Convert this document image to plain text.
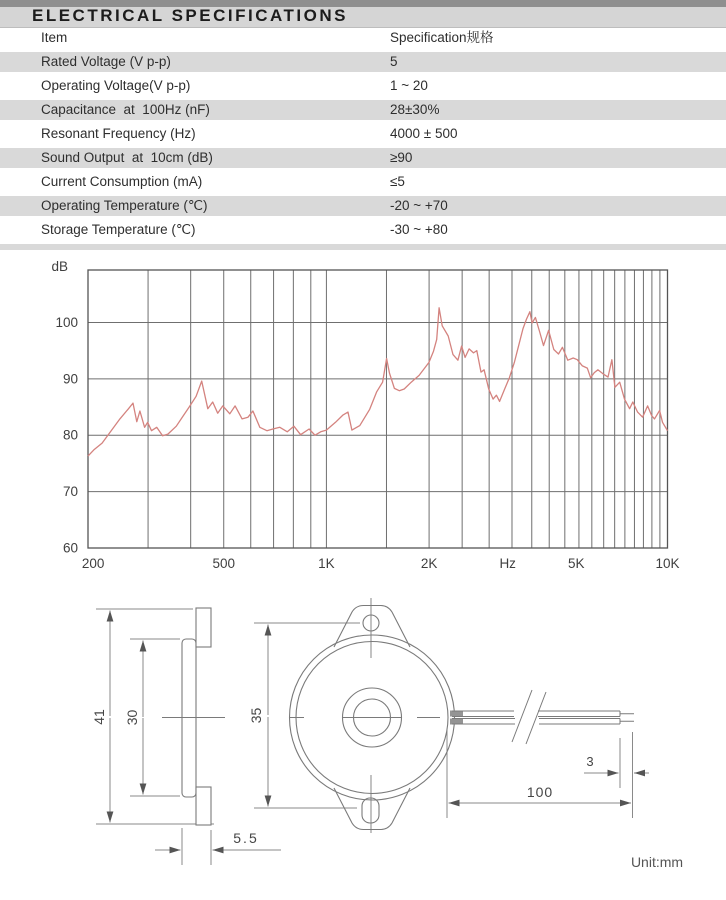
ELECTRICAL SPECIFICATIONS
Item	Specification规格
Rated Voltage (V p-p)	5
Operating Voltage(V p-p)	1 ~ 20
Capacitance  at  100Hz (nF)	28±30%
Resonant Frequency (Hz)	4000 ± 500
Sound Output  at  10cm (dB)	≥90
Current Consumption (mA)	≤5
Operating Temperature (℃)	-20 ~ +70
Storage Temperature (℃)	-30 ~ +80
dB
100
90
80
70
60
200	500	1K	2K	Hz	5K	10K
41 30	35
5.5
100
3
Unit:mm
